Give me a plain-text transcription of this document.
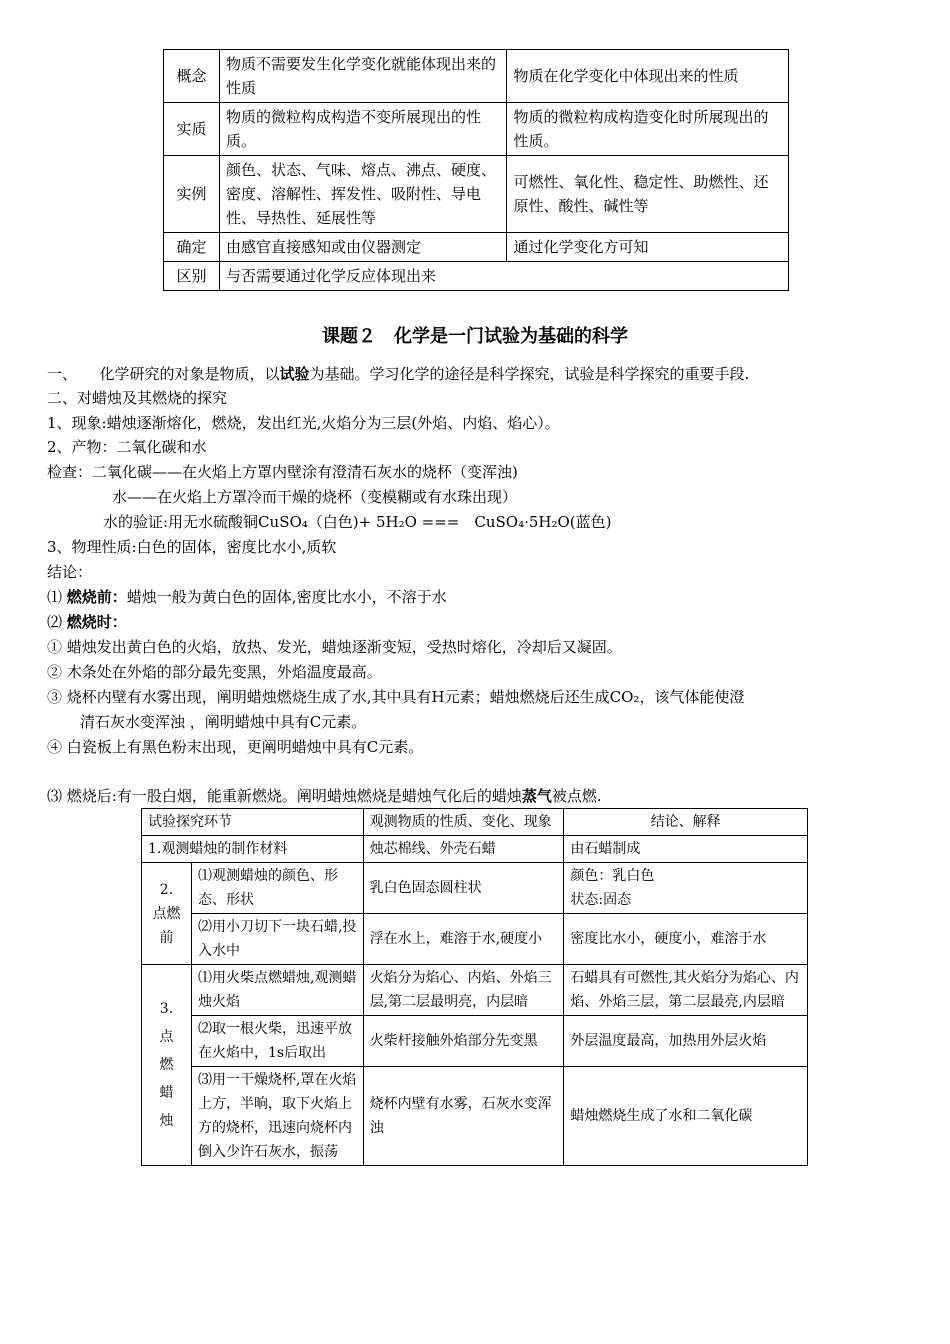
概念	物质不需要发生化学变化就能体现出来的性质	物质在化学变化中体现出来的性质
实质	物质的微粒构成构造不变所展现出的性质。	物质的微粒构成构造变化时所展现出的性质。
实例	颜色、状态、气味、熔点、沸点、硬度、密度、溶解性、挥发性、吸附性、导电性、导热性、延展性等	可燃性、氧化性、稳定性、助燃性、还原性、酸性、碱性等
确定	由感官直接感知或由仪器测定	通过化学变化方可知
区别	与否需要通过化学反应体现出来	
课题２　化学是一门试验为基础的科学
一、　　化学研究的对象是物质，以试验为基础。学习化学的途径是科学探究，试验是科学探究的重要手段.
二、对蜡烛及其燃烧的探究
1、现象:蜡烛逐渐熔化，燃烧，发出红光,火焰分为三层(外焰、内焰、焰心）。
2、产物：二氧化碳和水
检查：二氧化碳——在火焰上方罩内壁涂有澄清石灰水的烧杯（变浑浊)
水——在火焰上方罩冷而干燥的烧杯（变模糊或有水珠出现）
水的验证:用无水硫酸铜CuSO₄（白色)+ 5H₂O ===　CuSO₄·5H₂O(蓝色)
3、物理性质:白色的固体，密度比水小,质软
结论：
⑴ 燃烧前：蜡烛一般为黄白色的固体,密度比水小，不溶于水
⑵ 燃烧时：
① 蜡烛发出黄白色的火焰，放热、发光，蜡烛逐渐变短，受热时熔化，冷却后又凝固。
② 木条处在外焰的部分最先变黑，外焰温度最高。
③ 烧杯内壁有水雾出现，阐明蜡烛燃烧生成了水,其中具有H元素；蜡烛燃烧后还生成CO₂，该气体能使澄
清石灰水变浑浊 ，阐明蜡烛中具有C元素。
④ 白瓷板上有黑色粉末出现，更阐明蜡烛中具有C元素。
⑶ 燃烧后:有一股白烟，能重新燃烧。阐明蜡烛燃烧是蜡烛气化后的蜡烛蒸气被点燃.
试验探究环节		观测物质的性质、变化、现象	结论、解释
1.观测蜡烛的制作材料		烛芯棉线、外壳石蜡	由石蜡制成
2.
点燃
前	⑴观测蜡烛的颜色、形态、形状	乳白色固态圆柱状	颜色：乳白色
状态:固态
	⑵用小刀切下一块石蜡,投入水中	浮在水上，难溶于水,硬度小	密度比水小，硬度小，难溶于水
3.
点
燃
蜡
烛	⑴用火柴点燃蜡烛,观测蜡烛火焰	火焰分为焰心、内焰、外焰三层,第二层最明亮，内层暗	石蜡具有可燃性,其火焰分为焰心、内焰、外焰三层，第二层最亮,内层暗
	⑵取一根火柴，迅速平放在火焰中，1s后取出	火柴杆接触外焰部分先变黑	外层温度最高，加热用外层火焰
	⑶用一干燥烧杯,罩在火焰上方，半晌，取下火焰上方的烧杯，迅速向烧杯内倒入少许石灰水，振荡	烧杯内壁有水雾，石灰水变浑浊	蜡烛燃烧生成了水和二氧化碳
